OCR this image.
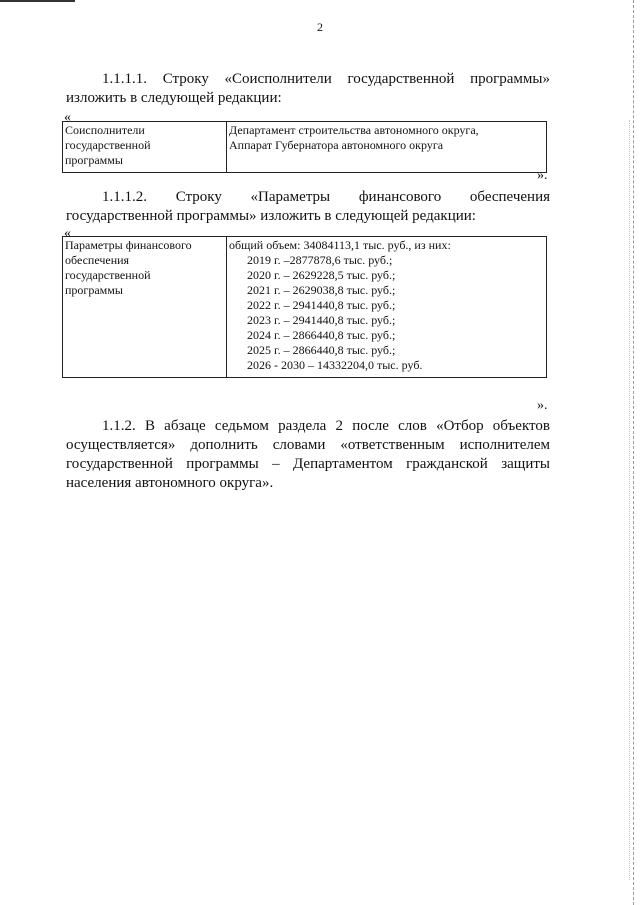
2
1.1.1.1. Строку «Соисполнители государственной программы» изложить в следующей редакции:
«
Соисполнители
государственной
программы

Департамент строительства автономного округа,
Аппарат Губернатора автономного округа
».
1.1.1.2. Строку «Параметры финансового обеспечения государственной программы» изложить в следующей редакции:
«
Параметры финансового
обеспечения
государственной
программы

общий объем: 34084113,1 тыс. руб., из них:
2019 г. –2877878,6 тыс. руб.;
2020 г. – 2629228,5 тыс. руб.;
2021 г. – 2629038,8 тыс. руб.;
2022 г. – 2941440,8 тыс. руб.;
2023 г. – 2941440,8 тыс. руб.;
2024 г. – 2866440,8 тыс. руб.;
2025 г. – 2866440,8 тыс. руб.;
2026 - 2030 – 14332204,0 тыс. руб.
».
1.1.2. В абзаце седьмом раздела 2 после слов «Отбор объектов осуществляется» дополнить словами «ответственным исполнителем государственной программы – Департаментом гражданской защиты населения автономного округа».
